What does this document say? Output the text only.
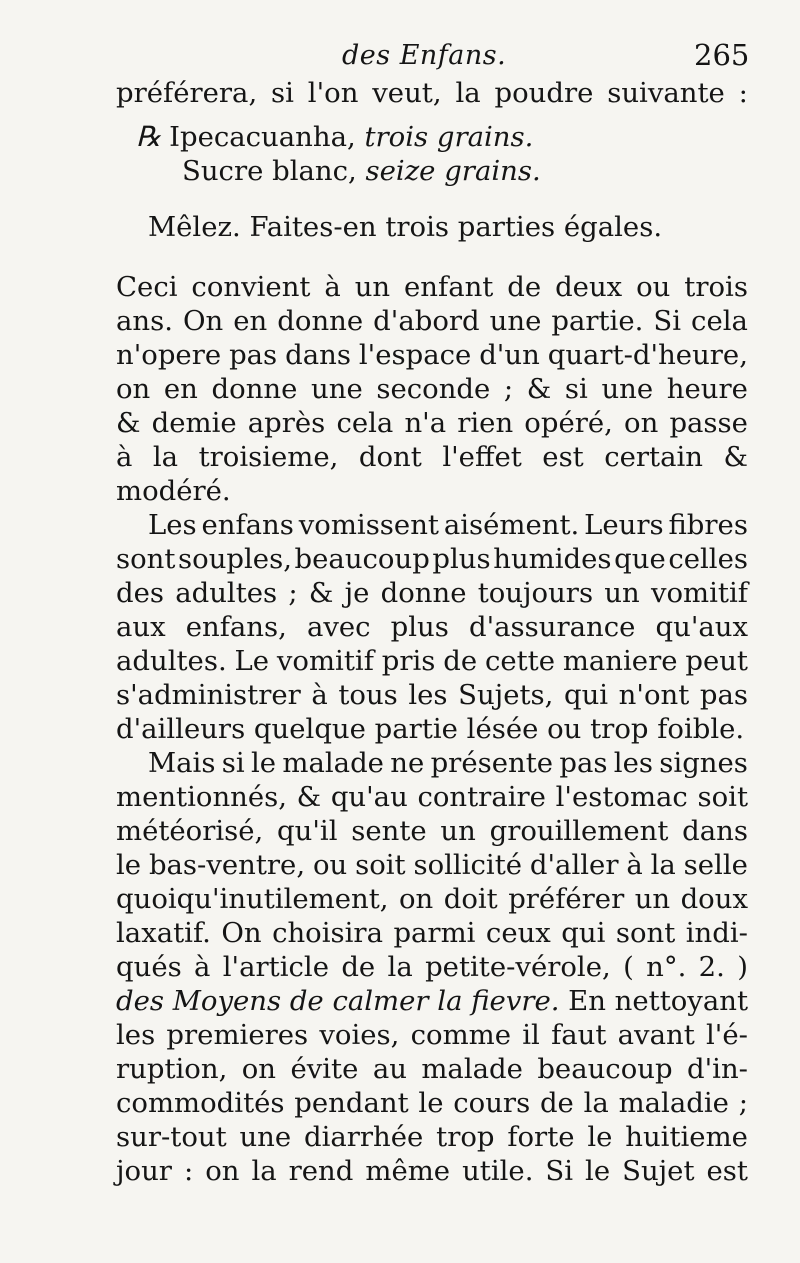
des Enfans.	265
préférera, si l'on veut, la poudre suivante :
℞ Ipecacuanha,
trois grains.
Sucre blanc,
seize grains.
Mêlez. Faites-en trois parties égales.
Ceci convient à un enfant de deux ou trois
ans. On en donne d'abord une partie. Si cela
n'opere pas dans l'espace d'un quart-d'heure,
on en donne une seconde ; & si une heure
& demie après cela n'a rien opéré, on passe
à la troisieme, dont l'effet est certain &
modéré.
Les enfans vomissent aisément. Leurs fibres
sont souples, beaucoup plus humides que celles
des adultes ; & je donne toujours un vomitif
aux enfans, avec plus d'assurance qu'aux
adultes. Le vomitif pris de cette maniere peut
s'administrer à tous les Sujets, qui n'ont pas
d'ailleurs quelque partie lésée ou trop foible.
Mais si le malade ne présente pas les signes
mentionnés, & qu'au contraire l'estomac soit
météorisé, qu'il sente un grouillement dans
le bas-ventre, ou soit sollicité d'aller à la selle
quoiqu'inutilement, on doit préférer un doux
laxatif. On choisira parmi ceux qui sont indi-
qués à l'article de la petite-vérole, ( n°. 2. )
des Moyens de calmer la fievre. En nettoyant
les premieres voies, comme il faut avant l'é-
ruption, on évite au malade beaucoup d'in-
commodités pendant le cours de la maladie ;
sur-tout une diarrhée trop forte le huitieme
jour : on la rend même utile. Si le Sujet est
